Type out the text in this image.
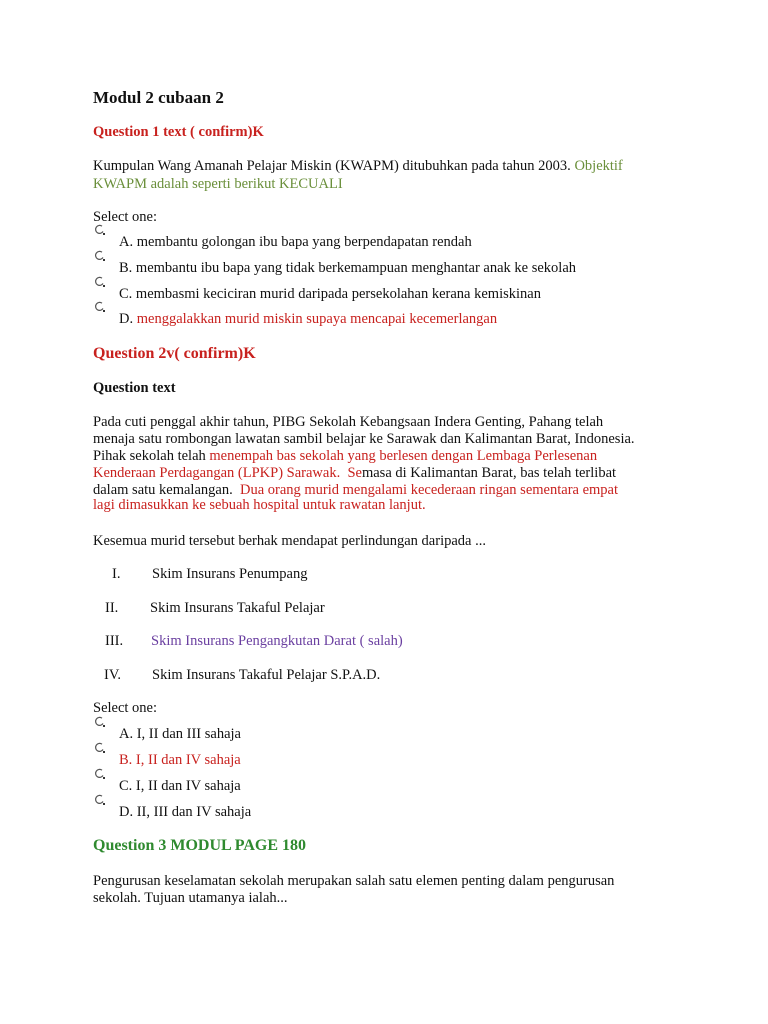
Modul 2 cubaan 2
Question 1 text ( confirm)K
Kumpulan Wang Amanah Pelajar Miskin (KWAPM) ditubuhkan pada tahun 2003. Objektif
KWAPM adalah seperti berikut KECUALI
Select one:
A. membantu golongan ibu bapa yang berpendapatan rendah
B. membantu ibu bapa yang tidak berkemampuan menghantar anak ke sekolah
C. membasmi keciciran murid daripada persekolahan kerana kemiskinan
D. menggalakkan murid miskin supaya mencapai kecemerlangan
Question 2v( confirm)K
Question text
Pada cuti penggal akhir tahun, PIBG Sekolah Kebangsaan Indera Genting, Pahang telah
menaja satu rombongan lawatan sambil belajar ke Sarawak dan Kalimantan Barat, Indonesia.
Pihak sekolah telah menempah bas sekolah yang berlesen dengan Lembaga Perlesenan
Kenderaan Perdagangan (LPKP) Sarawak. Semasa di Kalimantan Barat, bas telah terlibat
dalam satu kemalangan. Dua orang murid mengalami kecederaan ringan sementara empat
lagi dimasukkan ke sebuah hospital untuk rawatan lanjut.
Kesemua murid tersebut berhak mendapat perlindungan daripada ...
I. Skim Insurans Penumpang
II. Skim Insurans Takaful Pelajar
III. Skim Insurans Pengangkutan Darat ( salah)
IV. Skim Insurans Takaful Pelajar S.P.A.D.
Select one:
A. I, II dan III sahaja
B. I, II dan IV sahaja
C. I, II dan IV sahaja
D. II, III dan IV sahaja
Question 3 MODUL PAGE 180
Pengurusan keselamatan sekolah merupakan salah satu elemen penting dalam pengurusan
sekolah. Tujuan utamanya ialah...
